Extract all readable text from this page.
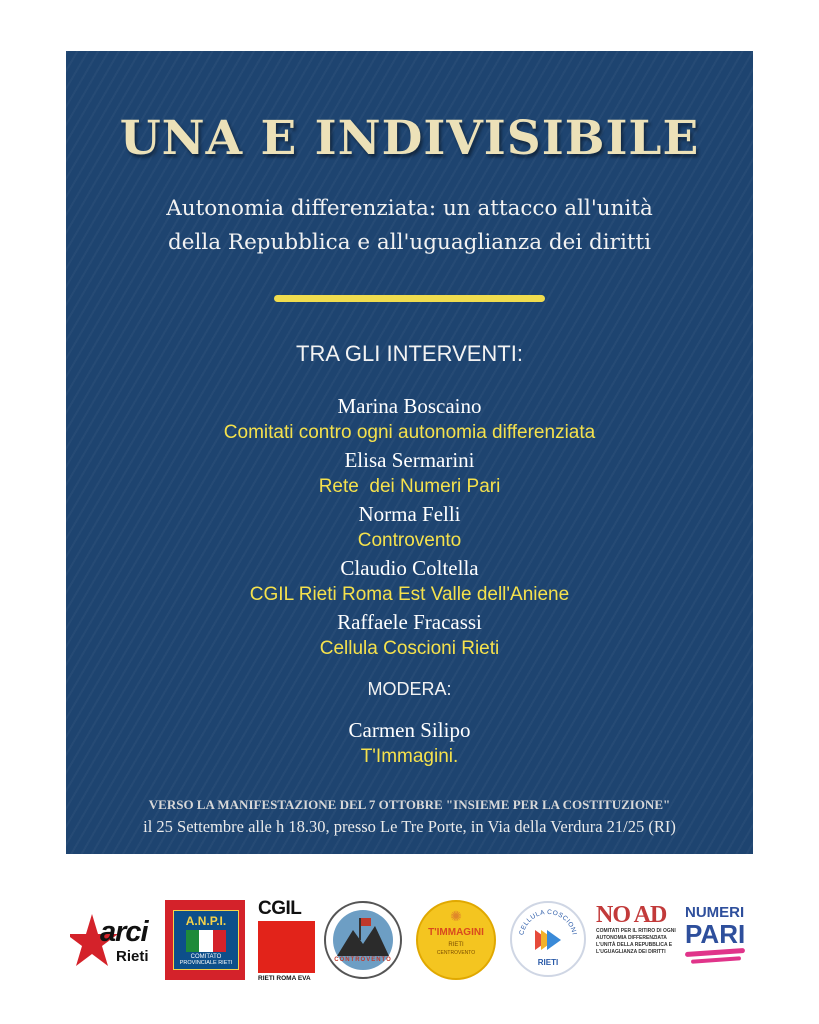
UNA E INDIVISIBILE
Autonomia differenziata: un attacco all'unità
della Repubblica e all'uguaglianza dei diritti
TRA GLI INTERVENTI:
Marina Boscaino
Comitati contro ogni autonomia differenziata
Elisa Sermarini
Rete  dei Numeri Pari
Norma Felli
Controvento
Claudio Coltella
CGIL Rieti Roma Est Valle dell'Aniene
Raffaele Fracassi
Cellula Coscioni Rieti
MODERA:
Carmen Silipo
T'Immagini.
VERSO LA MANIFESTAZIONE DEL 7 OTTOBRE "INSIEME PER LA COSTITUZIONE"
il 25 Settembre alle h 18.30, presso Le Tre Porte, in Via della Verdura 21/25 (RI)
arci
Rieti
A.N.P.I.
COMITATO
PROVINCIALE RIETI
CGIL
RIETI ROMA EVA
CONTROVENTO
✺
T'IMMAGINI
RIETI
CENTROVENTO
CELLULA COSCIONI
RIETI
NO AD
COMITATI PER IL RITIRO DI OGNI
AUTONOMIA DIFFERENZIATA
L'UNITÀ DELLA REPUBBLICA E
L'UGUAGLIANZA DEI DIRITTI
NUMERI
PARI
